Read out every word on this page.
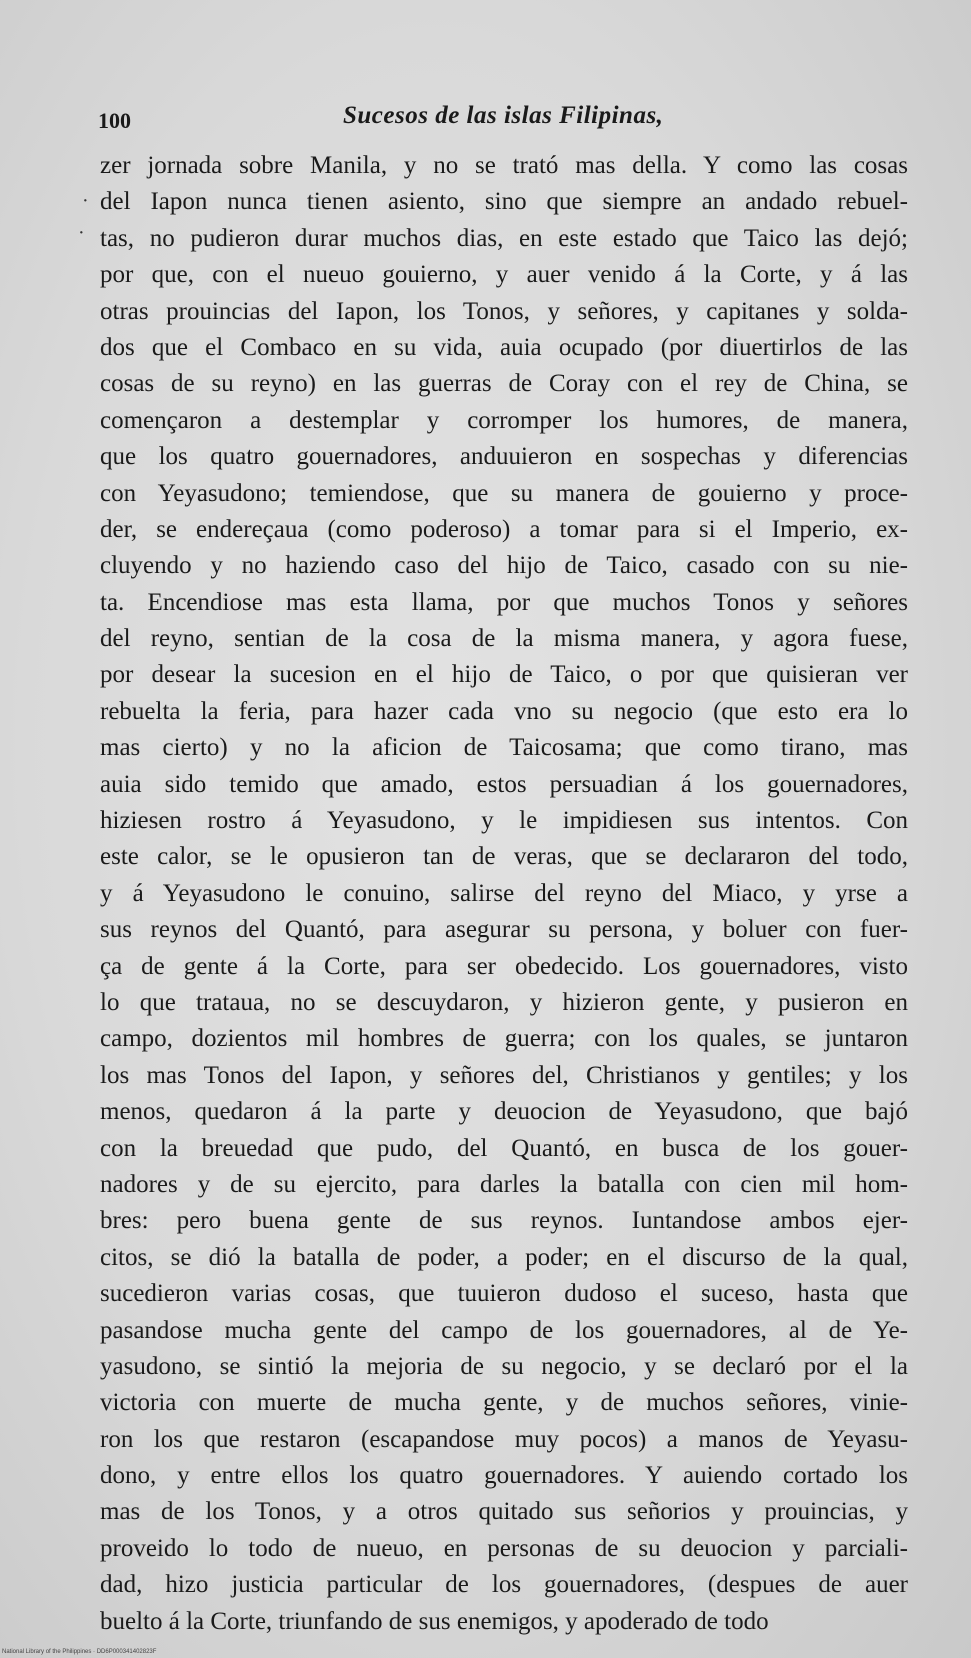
100	Sucesos de las islas Filipinas,
·
·
zer jornada sobre Manila, y no se trató mas della. Y como las cosas
del Iapon nunca tienen asiento, sino que siempre an andado rebuel-
tas, no pudieron durar muchos dias, en este estado que Taico las dejó;
por que, con el nueuo gouierno, y auer venido á la Corte, y á las
otras prouincias del Iapon, los Tonos, y señores, y capitanes y solda-
dos que el Combaco en su vida, auia ocupado (por diuertirlos de las
cosas de su reyno) en las guerras de Coray con el rey de China, se
començaron a destemplar y corromper los humores, de manera,
que los quatro gouernadores, anduuieron en sospechas y diferencias
con Yeyasudono; temiendose, que su manera de gouierno y proce-
der, se endereçaua (como poderoso) a tomar para si el Imperio, ex-
cluyendo y no haziendo caso del hijo de Taico, casado con su nie-
ta. Encendiose mas esta llama, por que muchos Tonos y señores
del reyno, sentian de la cosa de la misma manera, y agora fuese,
por desear la sucesion en el hijo de Taico, o por que quisieran ver
rebuelta la feria, para hazer cada vno su negocio (que esto era lo
mas cierto) y no la aficion de Taicosama; que como tirano, mas
auia sido temido que amado, estos persuadian á los gouernadores,
hiziesen rostro á Yeyasudono, y le impidiesen sus intentos. Con
este calor, se le opusieron tan de veras, que se declararon del todo,
y á Yeyasudono le conuino, salirse del reyno del Miaco, y yrse a
sus reynos del Quantó, para asegurar su persona, y boluer con fuer-
ça de gente á la Corte, para ser obedecido. Los gouernadores, visto
lo que trataua, no se descuydaron, y hizieron gente, y pusieron en
campo, dozientos mil hombres de guerra; con los quales, se juntaron
los mas Tonos del Iapon, y señores del, Christianos y gentiles; y los
menos, quedaron á la parte y deuocion de Yeyasudono, que bajó
con la breuedad que pudo, del Quantó, en busca de los gouer-
nadores y de su ejercito, para darles la batalla con cien mil hom-
bres: pero buena gente de sus reynos. Iuntandose ambos ejer-
citos, se dió la batalla de poder, a poder; en el discurso de la qual,
sucedieron varias cosas, que tuuieron dudoso el suceso, hasta que
pasandose mucha gente del campo de los gouernadores, al de Ye-
yasudono, se sintió la mejoria de su negocio, y se declaró por el la
victoria con muerte de mucha gente, y de muchos señores, vinie-
ron los que restaron (escapandose muy pocos) a manos de Yeyasu-
dono, y entre ellos los quatro gouernadores. Y auiendo cortado los
mas de los Tonos, y a otros quitado sus señorios y prouincias, y
proveido lo todo de nueuo, en personas de su deuocion y parciali-
dad, hizo justicia particular de los gouernadores, (despues de auer
buelto á la Corte, triunfando de sus enemigos, y apoderado de todo
National Library of the Philippines · DD6P000341402823F
